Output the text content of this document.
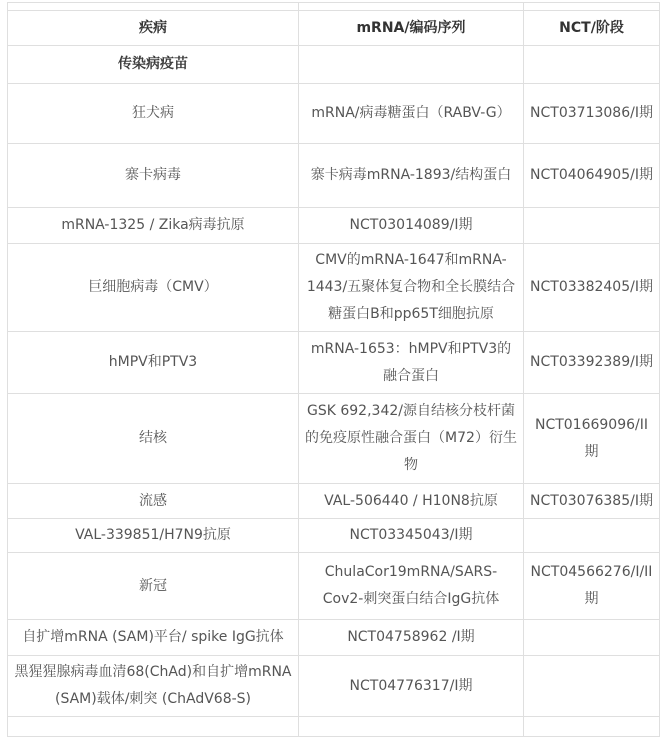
疾病	mRNA/编码序列	NCT/阶段
传染病疫苗		
狂犬病	mRNA/病毒糖蛋白（RABV-G）	NCT03713086/I期
寨卡病毒	寨卡病毒mRNA-1893/结构蛋白	NCT04064905/I期
mRNA-1325 / Zika病毒抗原	NCT03014089/I期	
巨细胞病毒（CMV）	CMV的mRNA-1647和mRNA-1443/五聚体复合物和全长膜结合糖蛋白B和pp65T细胞抗原	NCT03382405/I期
hMPV和PTV3	mRNA-1653：hMPV和PTV3的融合蛋白	NCT03392389/I期
结核	GSK 692,342/源自结核分枝杆菌的免疫原性融合蛋白（M72）衍生物	NCT01669096/II期
流感	VAL-506440 / H10N8抗原	NCT03076385/I期
VAL-339851/H7N9抗原	NCT03345043/I期	
新冠	ChulaCor19mRNA/SARS-Cov2-刺突蛋白结合IgG抗体	NCT04566276/I/II期
自扩增mRNA (SAM)平台/ spike IgG抗体	NCT04758962 /I期	
黑猩猩腺病毒血清68(ChAd)和自扩增mRNA (SAM)载体/刺突 (ChAdV68-S)	NCT04776317/I期	
